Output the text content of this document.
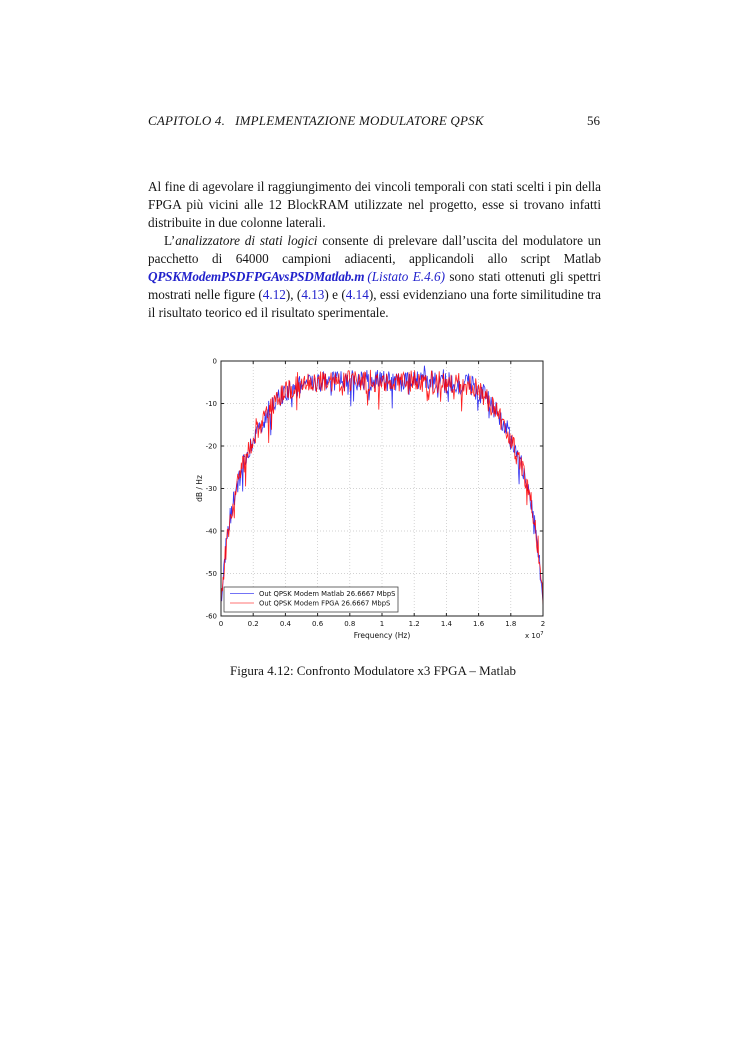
CAPITOLO 4. IMPLEMENTAZIONE MODULATORE QPSK	56

Al fine di agevolare il raggiungimento dei vincoli temporali con stati scelti i pin della FPGA più vicini alle 12 BlockRAM utilizzate nel progetto, esse si trovano infatti distribuite in due colonne laterali.

L’analizzatore di stati logici consente di prelevare dall’uscita del modulatore un pacchetto di 64000 campioni adiacenti, applicandoli allo script Matlab QPSKModemPSDFPGAvsPSDMatlab.m (Listato E.4.6) sono stati ottenuti gli spettri mostrati nelle figure (4.12), (4.13) e (4.14), essi evidenziano una forte similitudine tra il risultato teorico ed il risultato sperimentale.

0	0.2	0.4	0.6	0.8	1	1.2	1.4	1.6	1.8	2
0
-10
-20
-30
-40
-50
-60
Frequency (Hz)	x $10^7$
dB / Hz
Out QPSK Modem Matlab 26.6667 MbpS
Out QPSK Modem FPGA 26.6667 MbpS
Figura 4.12: Confronto Modulatore x3 FPGA – Matlab
